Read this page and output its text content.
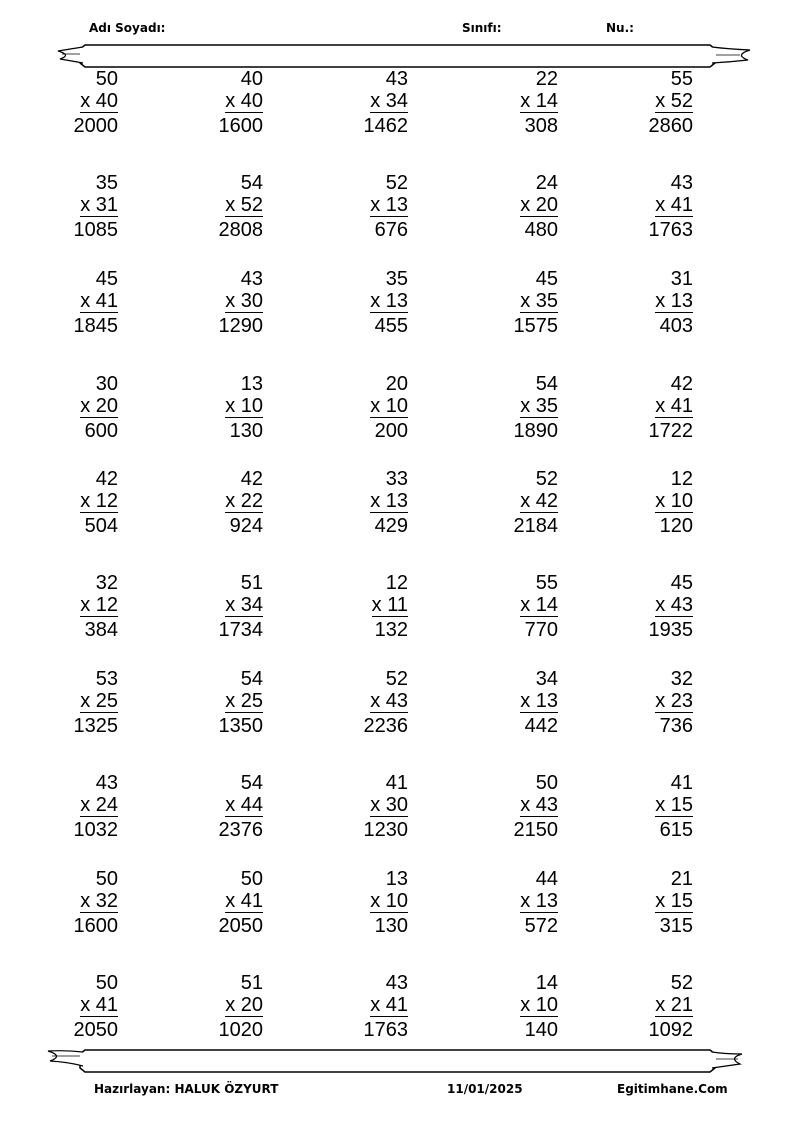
Adı Soyadı:	Sınıfı:	Nu.:
50
x 40
2000
40
x 40
1600
43
x 34
1462
22
x 14
308
55
x 52
2860
35
x 31
1085
54
x 52
2808
52
x 13
676
24
x 20
480
43
x 41
1763
45
x 41
1845
43
x 30
1290
35
x 13
455
45
x 35
1575
31
x 13
403
30
x 20
600
13
x 10
130
20
x 10
200
54
x 35
1890
42
x 41
1722
42
x 12
504
42
x 22
924
33
x 13
429
52
x 42
2184
12
x 10
120
32
x 12
384
51
x 34
1734
12
x 11
132
55
x 14
770
45
x 43
1935
53
x 25
1325
54
x 25
1350
52
x 43
2236
34
x 13
442
32
x 23
736
43
x 24
1032
54
x 44
2376
41
x 30
1230
50
x 43
2150
41
x 15
615
50
x 32
1600
50
x 41
2050
13
x 10
130
44
x 13
572
21
x 15
315
50
x 41
2050
51
x 20
1020
43
x 41
1763
14
x 10
140
52
x 21
1092
Hazırlayan: HALUK ÖZYURT	11/01/2025	Egitimhane.Com
